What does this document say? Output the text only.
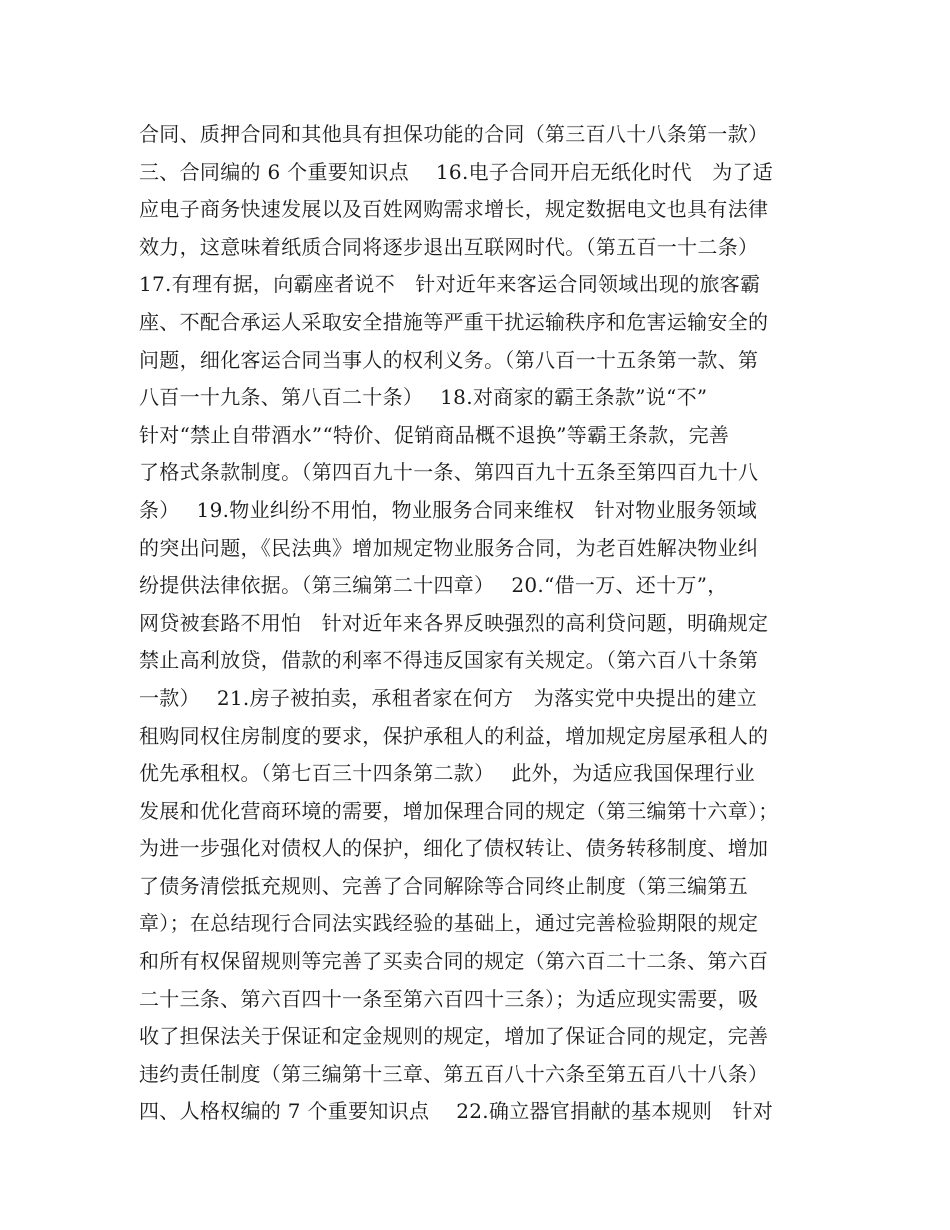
合同、质押合同和其他具有担保功能的合同（第三百八十八条第一款）
三、合同编的 6 个重要知识点　 16.电子合同开启无纸化时代　为了适
应电子商务快速发展以及百姓网购需求增长，规定数据电文也具有法律
效力，这意味着纸质合同将逐步退出互联网时代。（第五百一十二条）
17.有理有据，向霸座者说不　针对近年来客运合同领域出现的旅客霸
座、不配合承运人采取安全措施等严重干扰运输秩序和危害运输安全的
问题，细化客运合同当事人的权利义务。（第八百一十五条第一款、第
八百一十九条、第八百二十条）　 18.对商家的霸王条款”说“不”
针对“禁止自带酒水”“特价、促销商品概不退换”等霸王条款，完善
了格式条款制度。（第四百九十一条、第四百九十五条至第四百九十八
条）　 19.物业纠纷不用怕，物业服务合同来维权　针对物业服务领域
的突出问题，《民法典》增加规定物业服务合同，为老百姓解决物业纠
纷提供法律依据。（第三编第二十四章）　 20.“借一万、还十万”，
网贷被套路不用怕　针对近年来各界反映强烈的高利贷问题，明确规定
禁止高利放贷，借款的利率不得违反国家有关规定。（第六百八十条第
一款）　 21.房子被拍卖，承租者家在何方　为落实党中央提出的建立
租购同权住房制度的要求，保护承租人的利益，增加规定房屋承租人的
优先承租权。（第七百三十四条第二款）　 此外，为适应我国保理行业
发展和优化营商环境的需要，增加保理合同的规定（第三编第十六章）；
为进一步强化对债权人的保护，细化了债权转让、债务转移制度、增加
了债务清偿抵充规则、完善了合同解除等合同终止制度（第三编第五
章）；在总结现行合同法实践经验的基础上，通过完善检验期限的规定
和所有权保留规则等完善了买卖合同的规定（第六百二十二条、第六百
二十三条、第六百四十一条至第六百四十三条）；为适应现实需要，吸
收了担保法关于保证和定金规则的规定，增加了保证合同的规定，完善
违约责任制度（第三编第十三章、第五百八十六条至第五百八十八条）
四、人格权编的 7 个重要知识点　 22.确立器官捐献的基本规则　针对
